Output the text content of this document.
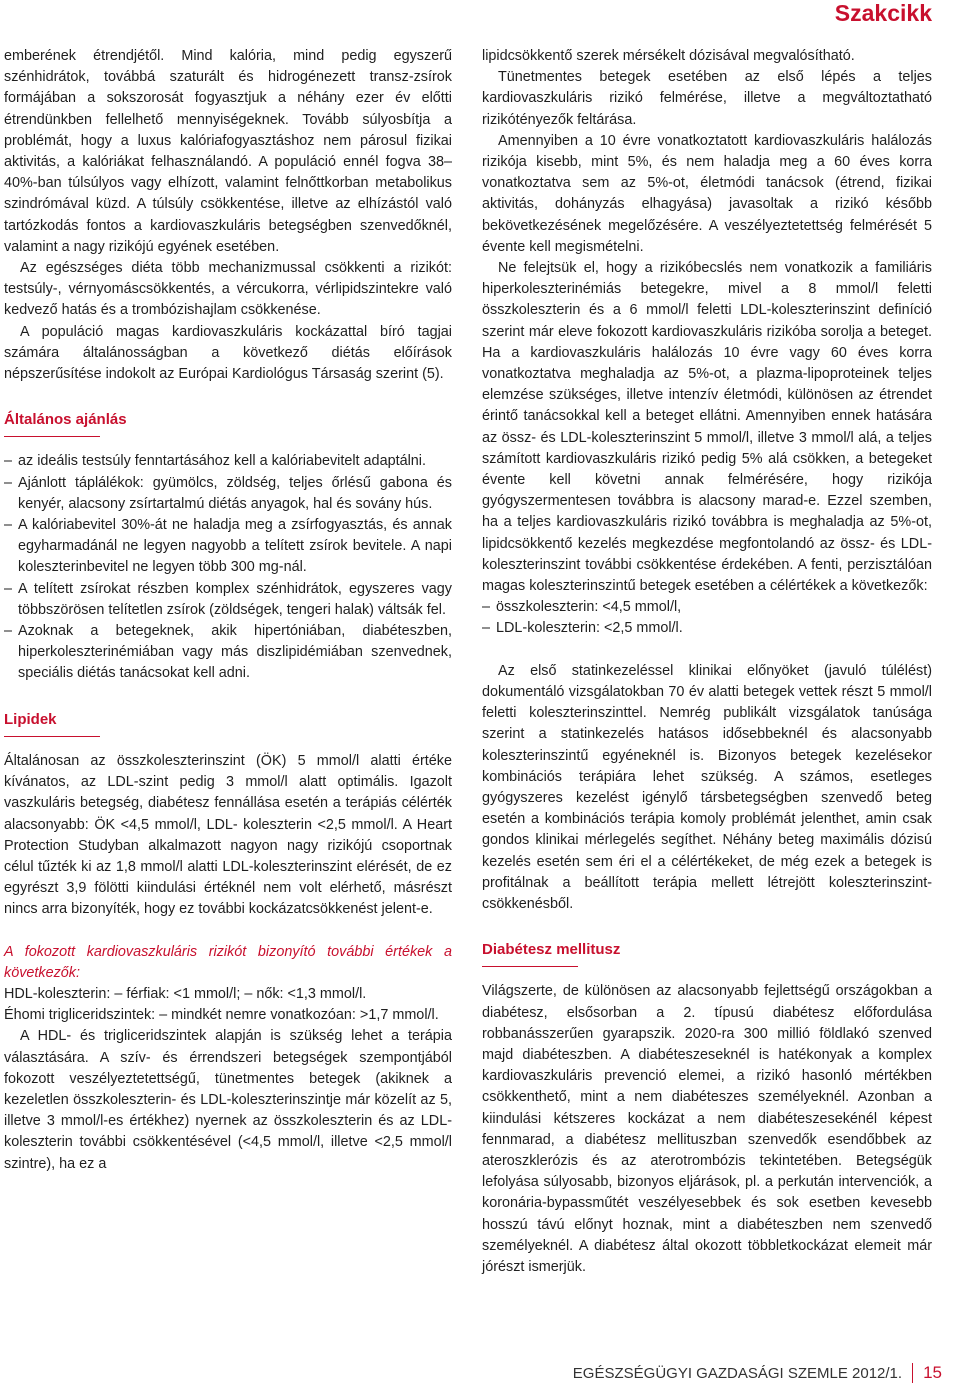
Szakcikk

emberének étrendjétől. Mind kalória, mind pedig egyszerű szénhidrátok, továbbá szaturált és hidrogénezett transz-zsírok formájában a sokszorosát fogyasztjuk a néhány ezer év előtti étrendünkben fellelhető mennyiségeknek. Tovább súlyosbítja a problémát, hogy a luxus kalóriafogyasztáshoz nem párosul fizikai aktivitás, a kalóriákat felhasználandó. A populáció ennél fogva 38–40%-ban túlsúlyos vagy elhízott, valamint felnőttkorban metabolikus szindrómával küzd. A túlsúly csökkentése, illetve az elhízástól való tartózkodás fontos a kardiovaszkuláris betegségben szenvedőknél, valamint a nagy rizikójú egyének esetében.

Az egészséges diéta több mechanizmussal csökkenti a rizikót: testsúly-, vérnyomáscsökkentés, a vércukorra, vérlipidszintekre való kedvező hatás és a trombózishajlam csökkenése.

A populáció magas kardiovaszkuláris kockázattal bíró tagjai számára általánosságban a következő diétás előírások népszerűsítése indokolt az Európai Kardiológus Társaság szerint (5).

Általános ajánlás
– az ideális testsúly fenntartásához kell a kalóriabevitelt adaptálni.
– Ajánlott táplálékok: gyümölcs, zöldség, teljes őrlésű gabona és kenyér, alacsony zsírtartalmú diétás anyagok, hal és sovány hús.
– A kalóriabevitel 30%-át ne haladja meg a zsírfogyasztás, és annak egyharmadánál ne legyen nagyobb a telített zsírok bevitele. A napi koleszterinbevitel ne legyen több 300 mg-nál.
– A telített zsírokat részben komplex szénhidrátok, egyszeres vagy többszörösen telítetlen zsírok (zöldségek, tengeri halak) váltsák fel.
– Azoknak a betegeknek, akik hipertóniában, diabéteszben, hiperkoleszterinémiában vagy más diszlipidémiában szenvednek, speciális diétás tanácsokat kell adni.
Lipidek

Általánosan az összkoleszterinszint (ÖK) 5 mmol/l alatti értéke kívánatos, az LDL-szint pedig 3 mmol/l alatt optimális. Igazolt vaszkuláris betegség, diabétesz fennállása esetén a terápiás célérték alacsonyabb: ÖK <4,5 mmol/l, LDL- koleszterin <2,5 mmol/l. A Heart Protection Studyban alkalmazott nagyon nagy rizikójú csoportnak célul tűzték ki az 1,8 mmol/l alatti LDL-koleszterinszint elérését, de ez egyrészt 3,9 fölötti kiindulási értéknél nem volt elérhető, másrészt nincs arra bizonyíték, hogy ez további kockázatcsökkenést jelent-e.

A fokozott kardiovaszkuláris rizikót bizonyító további értékek a következők:

HDL-koleszterin: – férfiak: <1 mmol/l; – nők: <1,3 mmol/l.

Éhomi trigliceridszintek: – mindkét nemre vonatkozóan: >1,7 mmol/l.

A HDL- és trigliceridszintek alapján is szükség lehet a terápia választására. A szív- és érrendszeri betegségek szempontjából fokozott veszélyeztetettségű, tünetmentes betegek (akiknek a kezeletlen összkoleszterin- és LDL-koleszterinszintje már közelít az 5, illetve 3 mmol/l-es értékhez) nyernek az összkoleszterin és az LDL-koleszterin további csökkentésével (<4,5 mmol/l, illetve <2,5 mmol/l szintre), ha ez a

lipidcsökkentő szerek mérsékelt dózisával megvalósítható.

Tünetmentes betegek esetében az első lépés a teljes kardiovaszkuláris rizikó felmérése, illetve a megváltoztatható rizikótényezők feltárása.

Amennyiben a 10 évre vonatkoztatott kardiovaszkuláris halálozás rizikója kisebb, mint 5%, és nem haladja meg a 60 éves korra vonatkoztatva sem az 5%-ot, életmódi tanácsok (étrend, fizikai aktivitás, dohányzás elhagyása) javasoltak a rizikó később bekövetkezésének megelőzésére. A veszélyeztetettség felmérését 5 évente kell megismételni.

Ne felejtsük el, hogy a rizikóbecslés nem vonatkozik a familiáris hiperkoleszterinémiás betegekre, mivel a 8 mmol/l feletti összkoleszterin és a 6 mmol/l feletti LDL-koleszterinszint definíció szerint már eleve fokozott kardiovaszkuláris rizikóba sorolja a beteget. Ha a kardiovaszkuláris halálozás 10 évre vagy 60 éves korra vonatkoztatva meghaladja az 5%-ot, a plazma-lipoproteinek teljes elemzése szükséges, illetve intenzív életmódi, különösen az étrendet érintő tanácsokkal kell a beteget ellátni. Amennyiben ennek hatására az össz- és LDL-koleszterinszint 5 mmol/l, illetve 3 mmol/l alá, a teljes számított kardiovaszkuláris rizikó pedig 5% alá csökken, a betegeket évente kell követni annak felmérésére, hogy rizikója gyógyszermentesen továbbra is alacsony marad-e. Ezzel szemben, ha a teljes kardiovaszkuláris rizikó továbbra is meghaladja az 5%-ot, lipidcsökkentő kezelés megkezdése megfontolandó az össz- és LDL-koleszterinszint további csökkentése érdekében. A fenti, perzisztálóan magas koleszterinszintű betegek esetében a célértékek a következők:

– összkoleszterin: <4,5 mmol/l,
– LDL-koleszterin: <2,5 mmol/l.

Az első statinkezeléssel klinikai előnyöket (javuló túlélést) dokumentáló vizsgálatokban 70 év alatti betegek vettek részt 5 mmol/l feletti koleszterinszinttel. Nemrég publikált vizsgálatok tanúsága szerint a statinkezelés hatásos idősebbeknél és alacsonyabb koleszterinszintű egyéneknél is. Bizonyos betegek kezelésekor kombinációs terápiára lehet szükség. A számos, esetleges gyógyszeres kezelést igénylő társbetegségben szenvedő beteg esetén a kombinációs terápia komoly problémát jelenthet, amin csak gondos klinikai mérlegelés segíthet. Néhány beteg maximális dózisú kezelés esetén sem éri el a célértékeket, de még ezek a betegek is profitálnak a beállított terápia mellett létrejött koleszterinszint-csökkenésből.

Diabétesz mellitusz

Világszerte, de különösen az alacsonyabb fejlettségű országokban a diabétesz, elsősorban a 2. típusú diabétesz előfordulása robbanásszerűen gyarapszik. 2020-ra 300 millió földlakó szenved majd diabéteszben. A diabéteszeseknél is hatékonyak a komplex kardiovaszkuláris prevenció elemei, a rizikó hasonló mértékben csökkenthető, mint a nem diabéteszes személyeknél. Azonban a kiindulási kétszeres kockázat a nem diabéteszesekénél képest fennmarad, a diabétesz mellituszban szenvedők esendőbbek az ateroszklerózis és az aterotrombózis tekintetében. Betegségük lefolyása súlyosabb, bizonyos eljárások, pl. a perkután intervenciók, a koronária-bypassműtét veszélyesebbek és sok esetben kevesebb hosszú távú előnyt hoznak, mint a diabéteszben nem szenvedő személyeknél. A diabétesz által okozott többletkockázat elemeit már jórészt ismerjük.

EGÉSZSÉGÜGYI GAZDASÁGI SZEMLE 2012/1. 15
